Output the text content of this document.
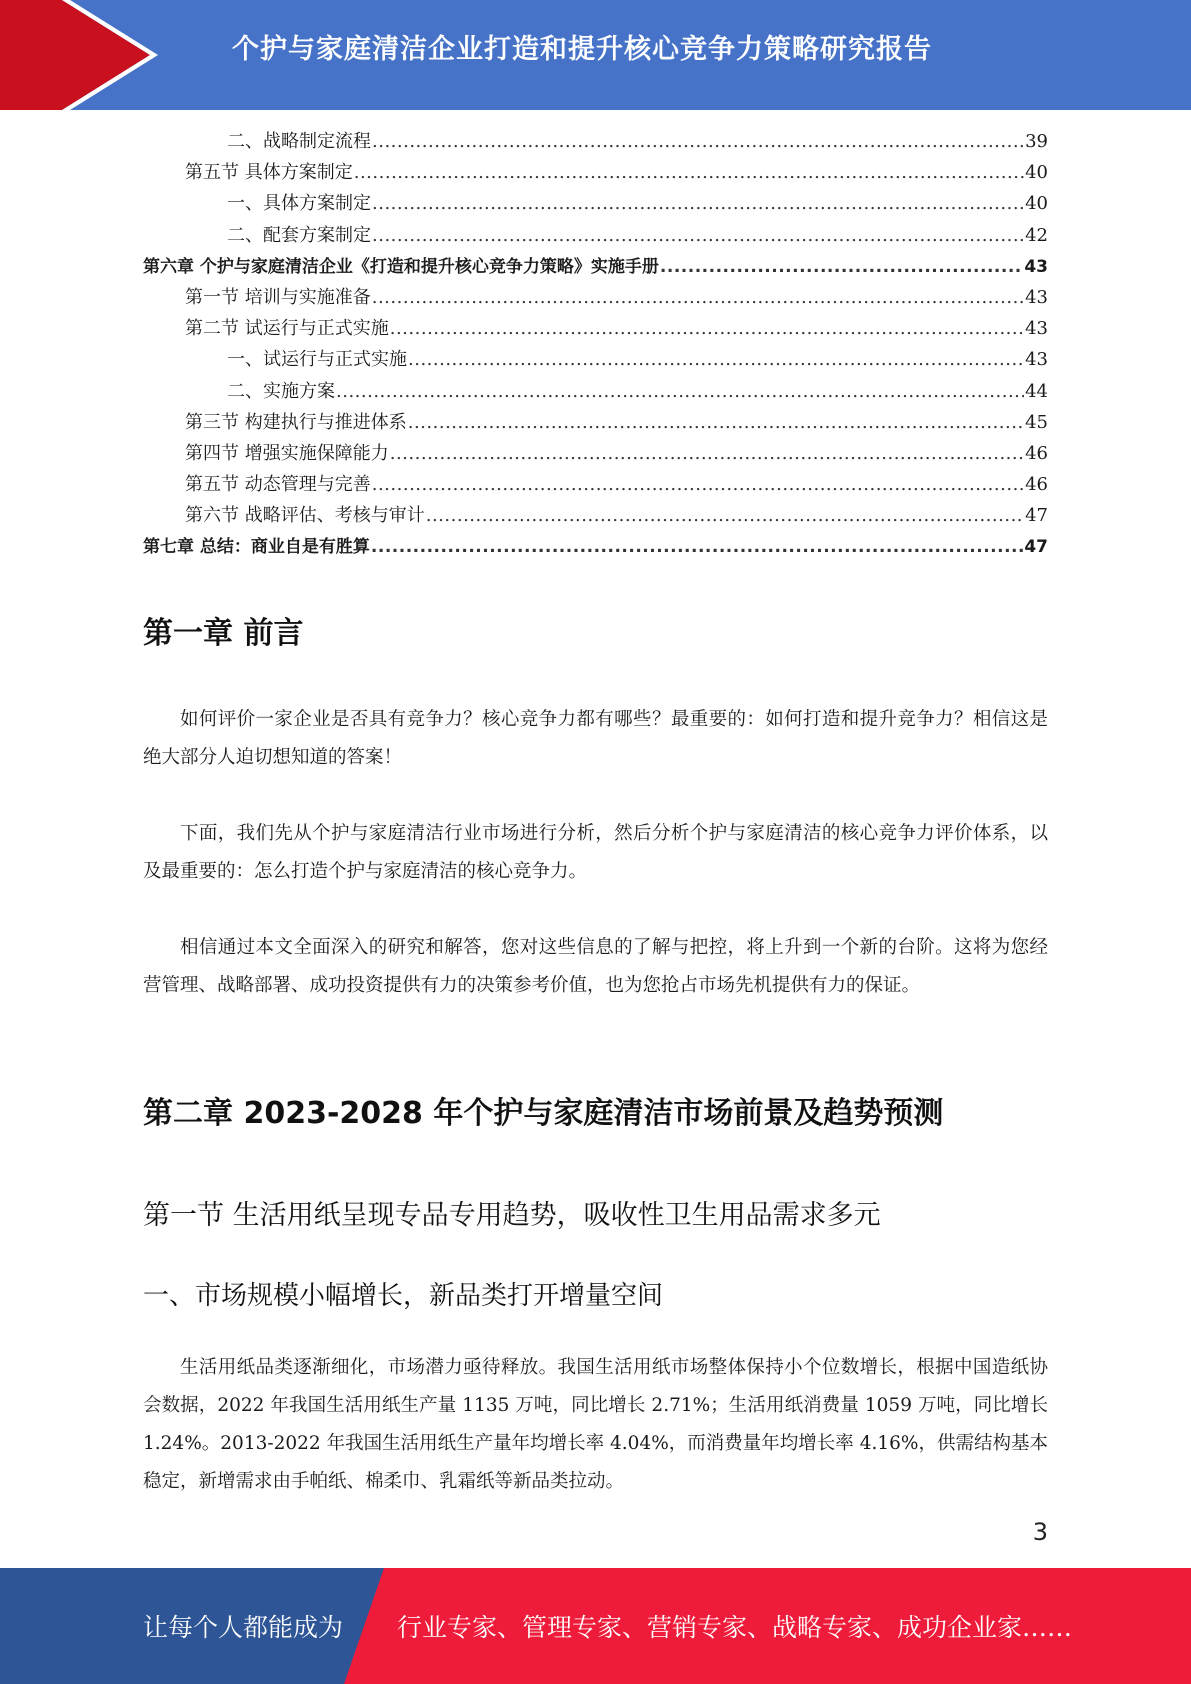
个护与家庭清洁企业打造和提升核心竞争力策略研究报告
二、战略制定流程 .....	39
第五节 具体方案制定 .....	40
一、具体方案制定 .....	40
二、配套方案制定 .....	42
第六章 个护与家庭清洁企业《打造和提升核心竞争力策略》实施手册 .....	43
第一节 培训与实施准备 .....	43
第二节 试运行与正式实施 .....	43
一、试运行与正式实施 .....	43
二、实施方案 .....	44
第三节 构建执行与推进体系 .....	45
第四节 增强实施保障能力 .....	46
第五节 动态管理与完善 .....	46
第六节 战略评估、考核与审计 .....	47
第七章 总结：商业自是有胜算 .....	47
第一章 前言

如何评价一家企业是否具有竞争力？核心竞争力都有哪些？最重要的：如何打造和提升竞争力？相信这是绝大部分人迫切想知道的答案！

下面，我们先从个护与家庭清洁行业市场进行分析，然后分析个护与家庭清洁的核心竞争力评价体系，以及最重要的：怎么打造个护与家庭清洁的核心竞争力。

相信通过本文全面深入的研究和解答，您对这些信息的了解与把控，将上升到一个新的台阶。这将为您经营管理、战略部署、成功投资提供有力的决策参考价值，也为您抢占市场先机提供有力的保证。

第二章 2023-2028 年个护与家庭清洁市场前景及趋势预测
第一节 生活用纸呈现专品专用趋势，吸收性卫生用品需求多元
一、市场规模小幅增长，新品类打开增量空间

生活用纸品类逐渐细化，市场潜力亟待释放。我国生活用纸市场整体保持小个位数增长，根据中国造纸协会数据，2022 年我国生活用纸生产量 1135 万吨，同比增长 2.71%；生活用纸消费量 1059 万吨，同比增长 1.24%。2013-2022 年我国生活用纸生产量年均增长率 4.04%，而消费量年均增长率 4.16%，供需结构基本稳定，新增需求由手帕纸、棉柔巾、乳霜纸等新品类拉动。

3
让每个人都能成为 行业专家、管理专家、营销专家、战略专家、成功企业家……
